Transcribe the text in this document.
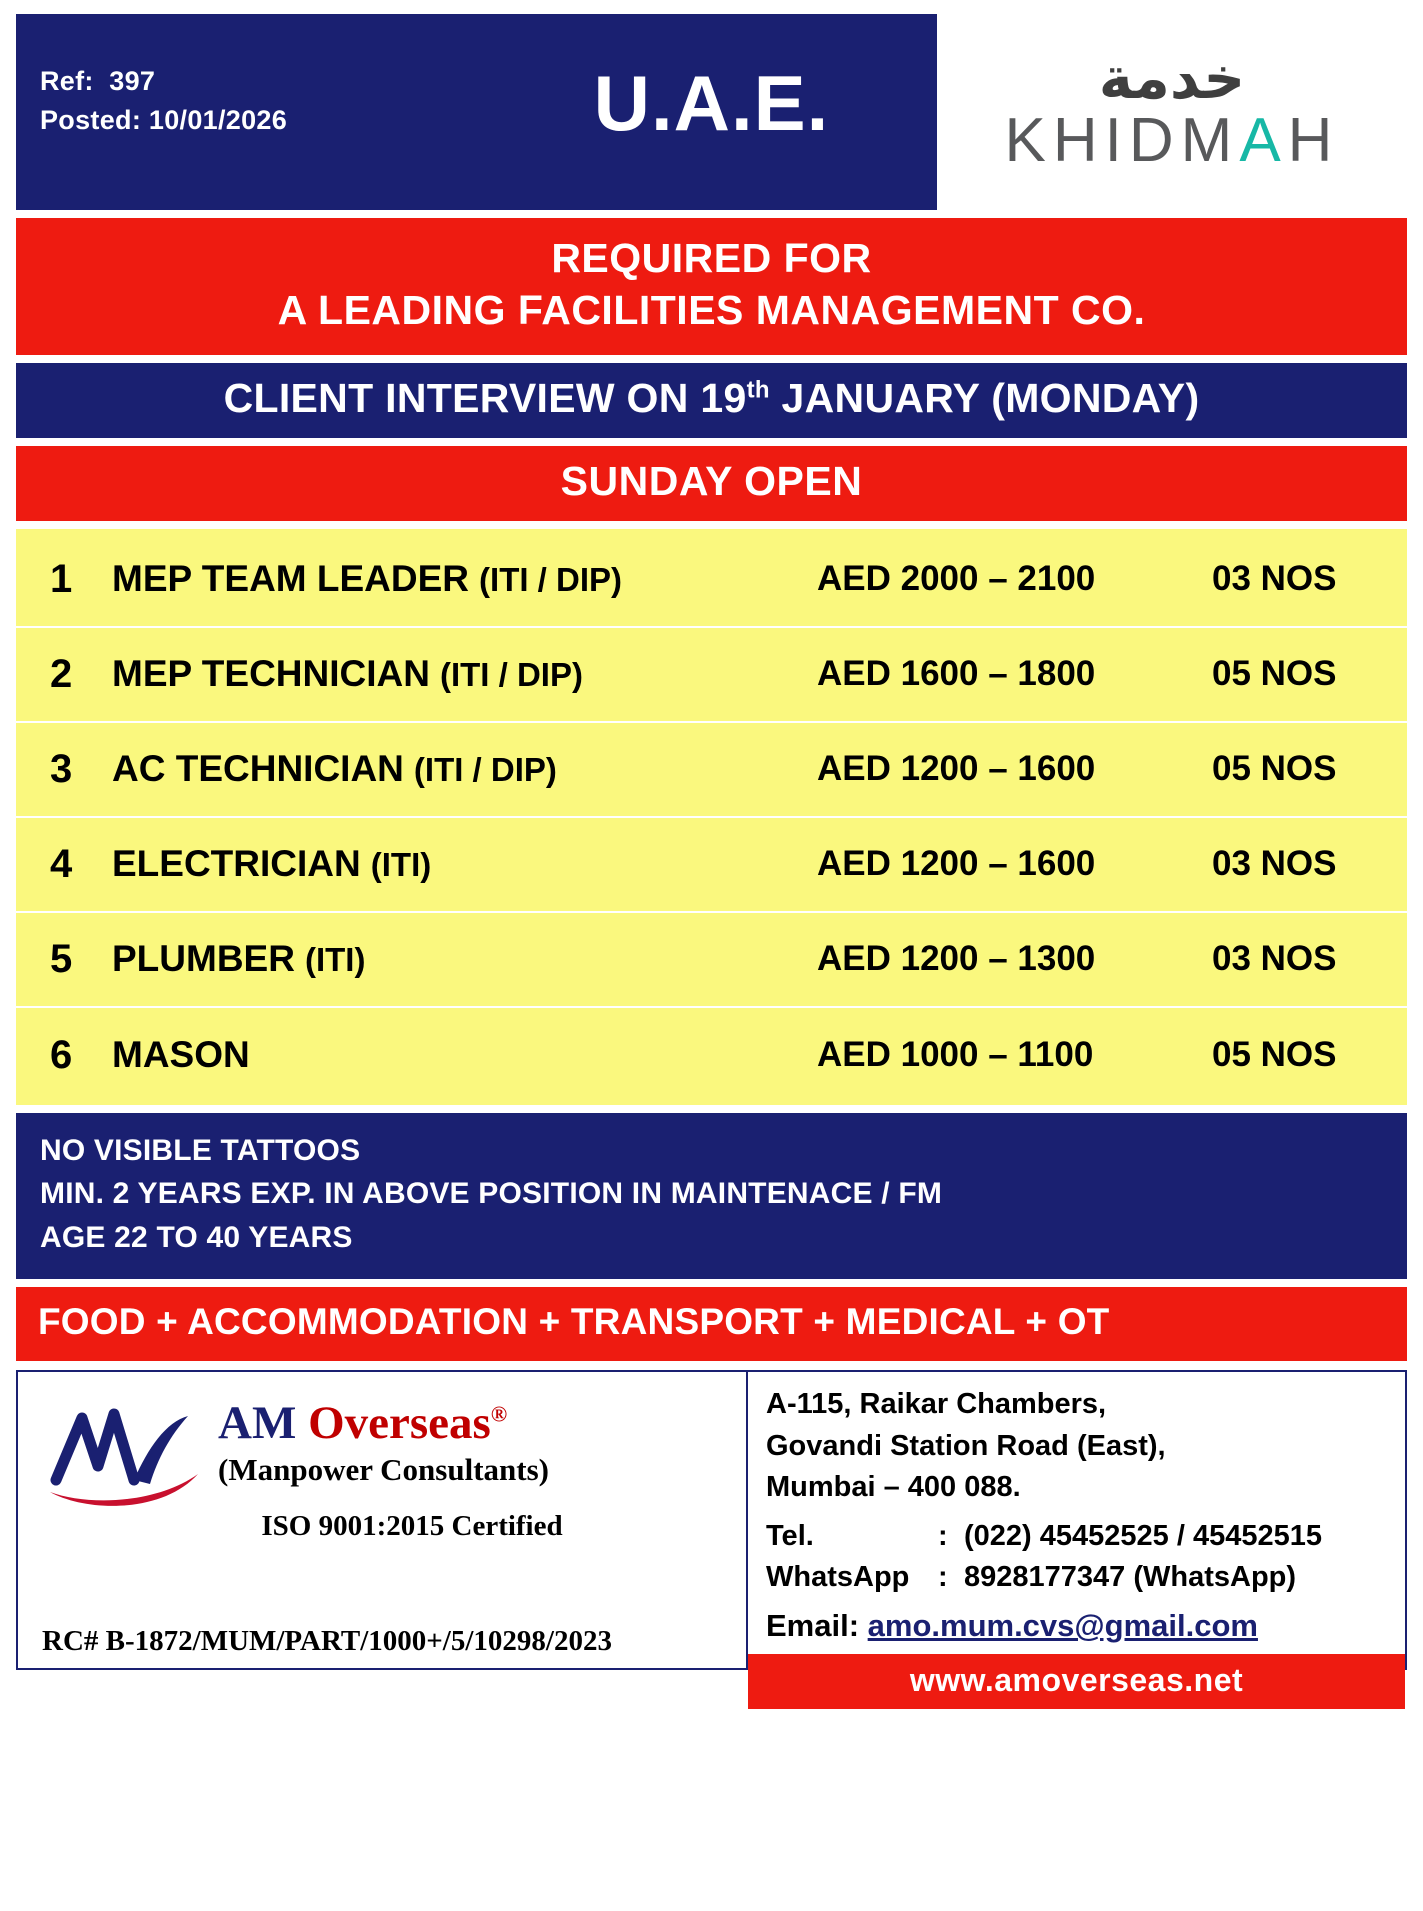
Ref:  397
Posted: 10/01/2026	U.A.E.	خدمة
KHIDMAH
REQUIRED FOR
A LEADING FACILITIES MANAGEMENT CO.
CLIENT INTERVIEW ON 19th JANUARY (MONDAY)
SUNDAY OPEN
1	MEP TEAM LEADER (ITI / DIP)	AED 2000 – 2100	03 NOS
2	MEP TECHNICIAN (ITI / DIP)	AED 1600 – 1800	05 NOS
3	AC TECHNICIAN (ITI / DIP)	AED 1200 – 1600	05 NOS
4	ELECTRICIAN (ITI)	AED 1200 – 1600	03 NOS
5	PLUMBER (ITI)	AED 1200 – 1300	03 NOS
6	MASON	AED 1000 – 1100	05 NOS
NO VISIBLE TATTOOS
MIN. 2 YEARS EXP. IN ABOVE POSITION IN MAINTENACE / FM
AGE 22 TO 40 YEARS
FOOD + ACCOMMODATION + TRANSPORT + MEDICAL + OT
AM Overseas®
(Manpower Consultants)
ISO 9001:2015 Certified
RC# B-1872/MUM/PART/1000+/5/10298/2023
A-115, Raikar Chambers,
Govandi Station Road (East),
Mumbai – 400 088.
Tel.	: (022) 45452525 / 45452515
WhatsApp : 8928177347 (WhatsApp)
Email: amo.mum.cvs@gmail.com
www.amoverseas.net
